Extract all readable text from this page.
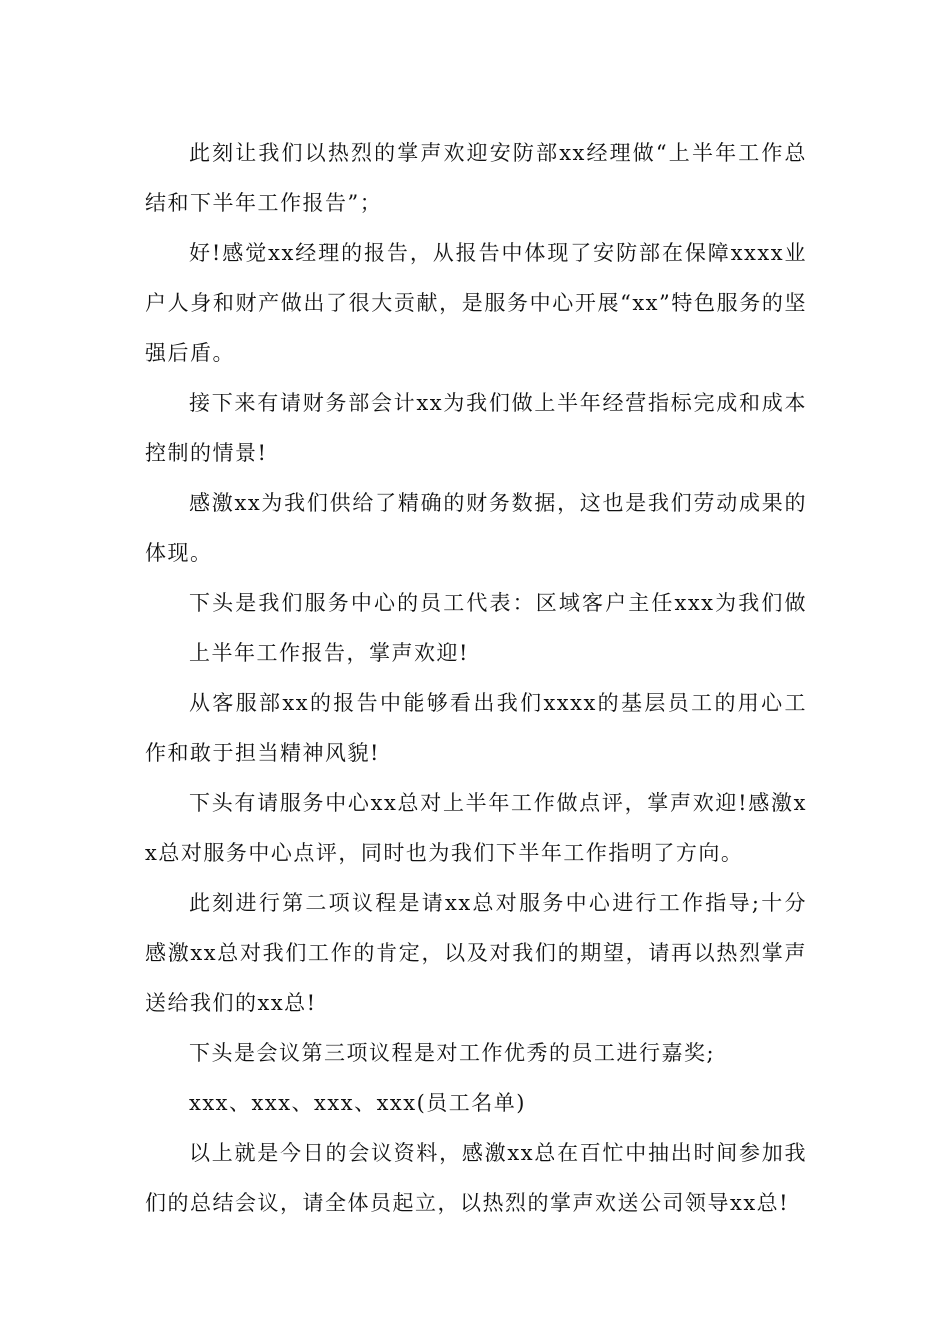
此刻让我们以热烈的掌声欢迎安防部xx经理做“上半年工作总结和下半年工作报告”；

好!感觉xx经理的报告，从报告中体现了安防部在保障xxxx业户人身和财产做出了很大贡献，是服务中心开展“xx”特色服务的坚强后盾。

接下来有请财务部会计xx为我们做上半年经营指标完成和成本控制的情景!

感激xx为我们供给了精确的财务数据，这也是我们劳动成果的体现。

下头是我们服务中心的员工代表：区域客户主任xxx为我们做上半年工作报告，掌声欢迎!

从客服部xx的报告中能够看出我们xxxx的基层员工的用心工作和敢于担当精神风貌!

下头有请服务中心xx总对上半年工作做点评，掌声欢迎!感激xx总对服务中心点评，同时也为我们下半年工作指明了方向。

此刻进行第二项议程是请xx总对服务中心进行工作指导;十分感激xx总对我们工作的肯定，以及对我们的期望，请再以热烈掌声送给我们的xx总!

下头是会议第三项议程是对工作优秀的员工进行嘉奖;

xxx、xxx、xxx、xxx(员工名单)

以上就是今日的会议资料，感激xx总在百忙中抽出时间参加我们的总结会议，请全体员起立，以热烈的掌声欢送公司领导xx总!
